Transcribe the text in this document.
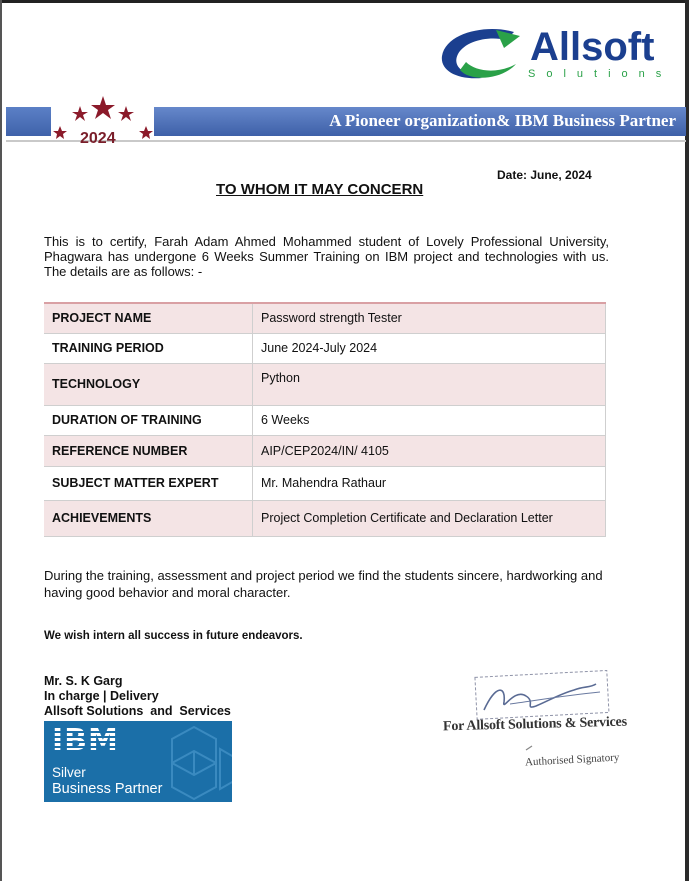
Allsoft
Solutions
A Pioneer organization& IBM Business Partner
2024
Date: June, 2024
TO WHOM IT MAY CONCERN
This is to certify, Farah Adam Ahmed Mohammed student of Lovely Professional University, Phagwara has undergone 6 Weeks Summer Training on IBM project and technologies with us. The details are as follows: -
PROJECT NAME	Password strength Tester
TRAINING PERIOD	June 2024-July 2024
TECHNOLOGY	Python
DURATION OF TRAINING	6 Weeks
REFERENCE NUMBER	AIP/CEP2024/IN/ 4105
SUBJECT MATTER EXPERT	Mr. Mahendra Rathaur
ACHIEVEMENTS	Project Completion Certificate and Declaration Letter
During the training, assessment and project period we find the students sincere, hardworking and having good behavior and moral character.
We wish intern all success in future endeavors.
Mr. S. K Garg
In charge | Delivery
Allsoft Solutions  and  Services
IBM
Silver
Business Partner
For Allsoft Solutions & Services
Authorised Signatory
